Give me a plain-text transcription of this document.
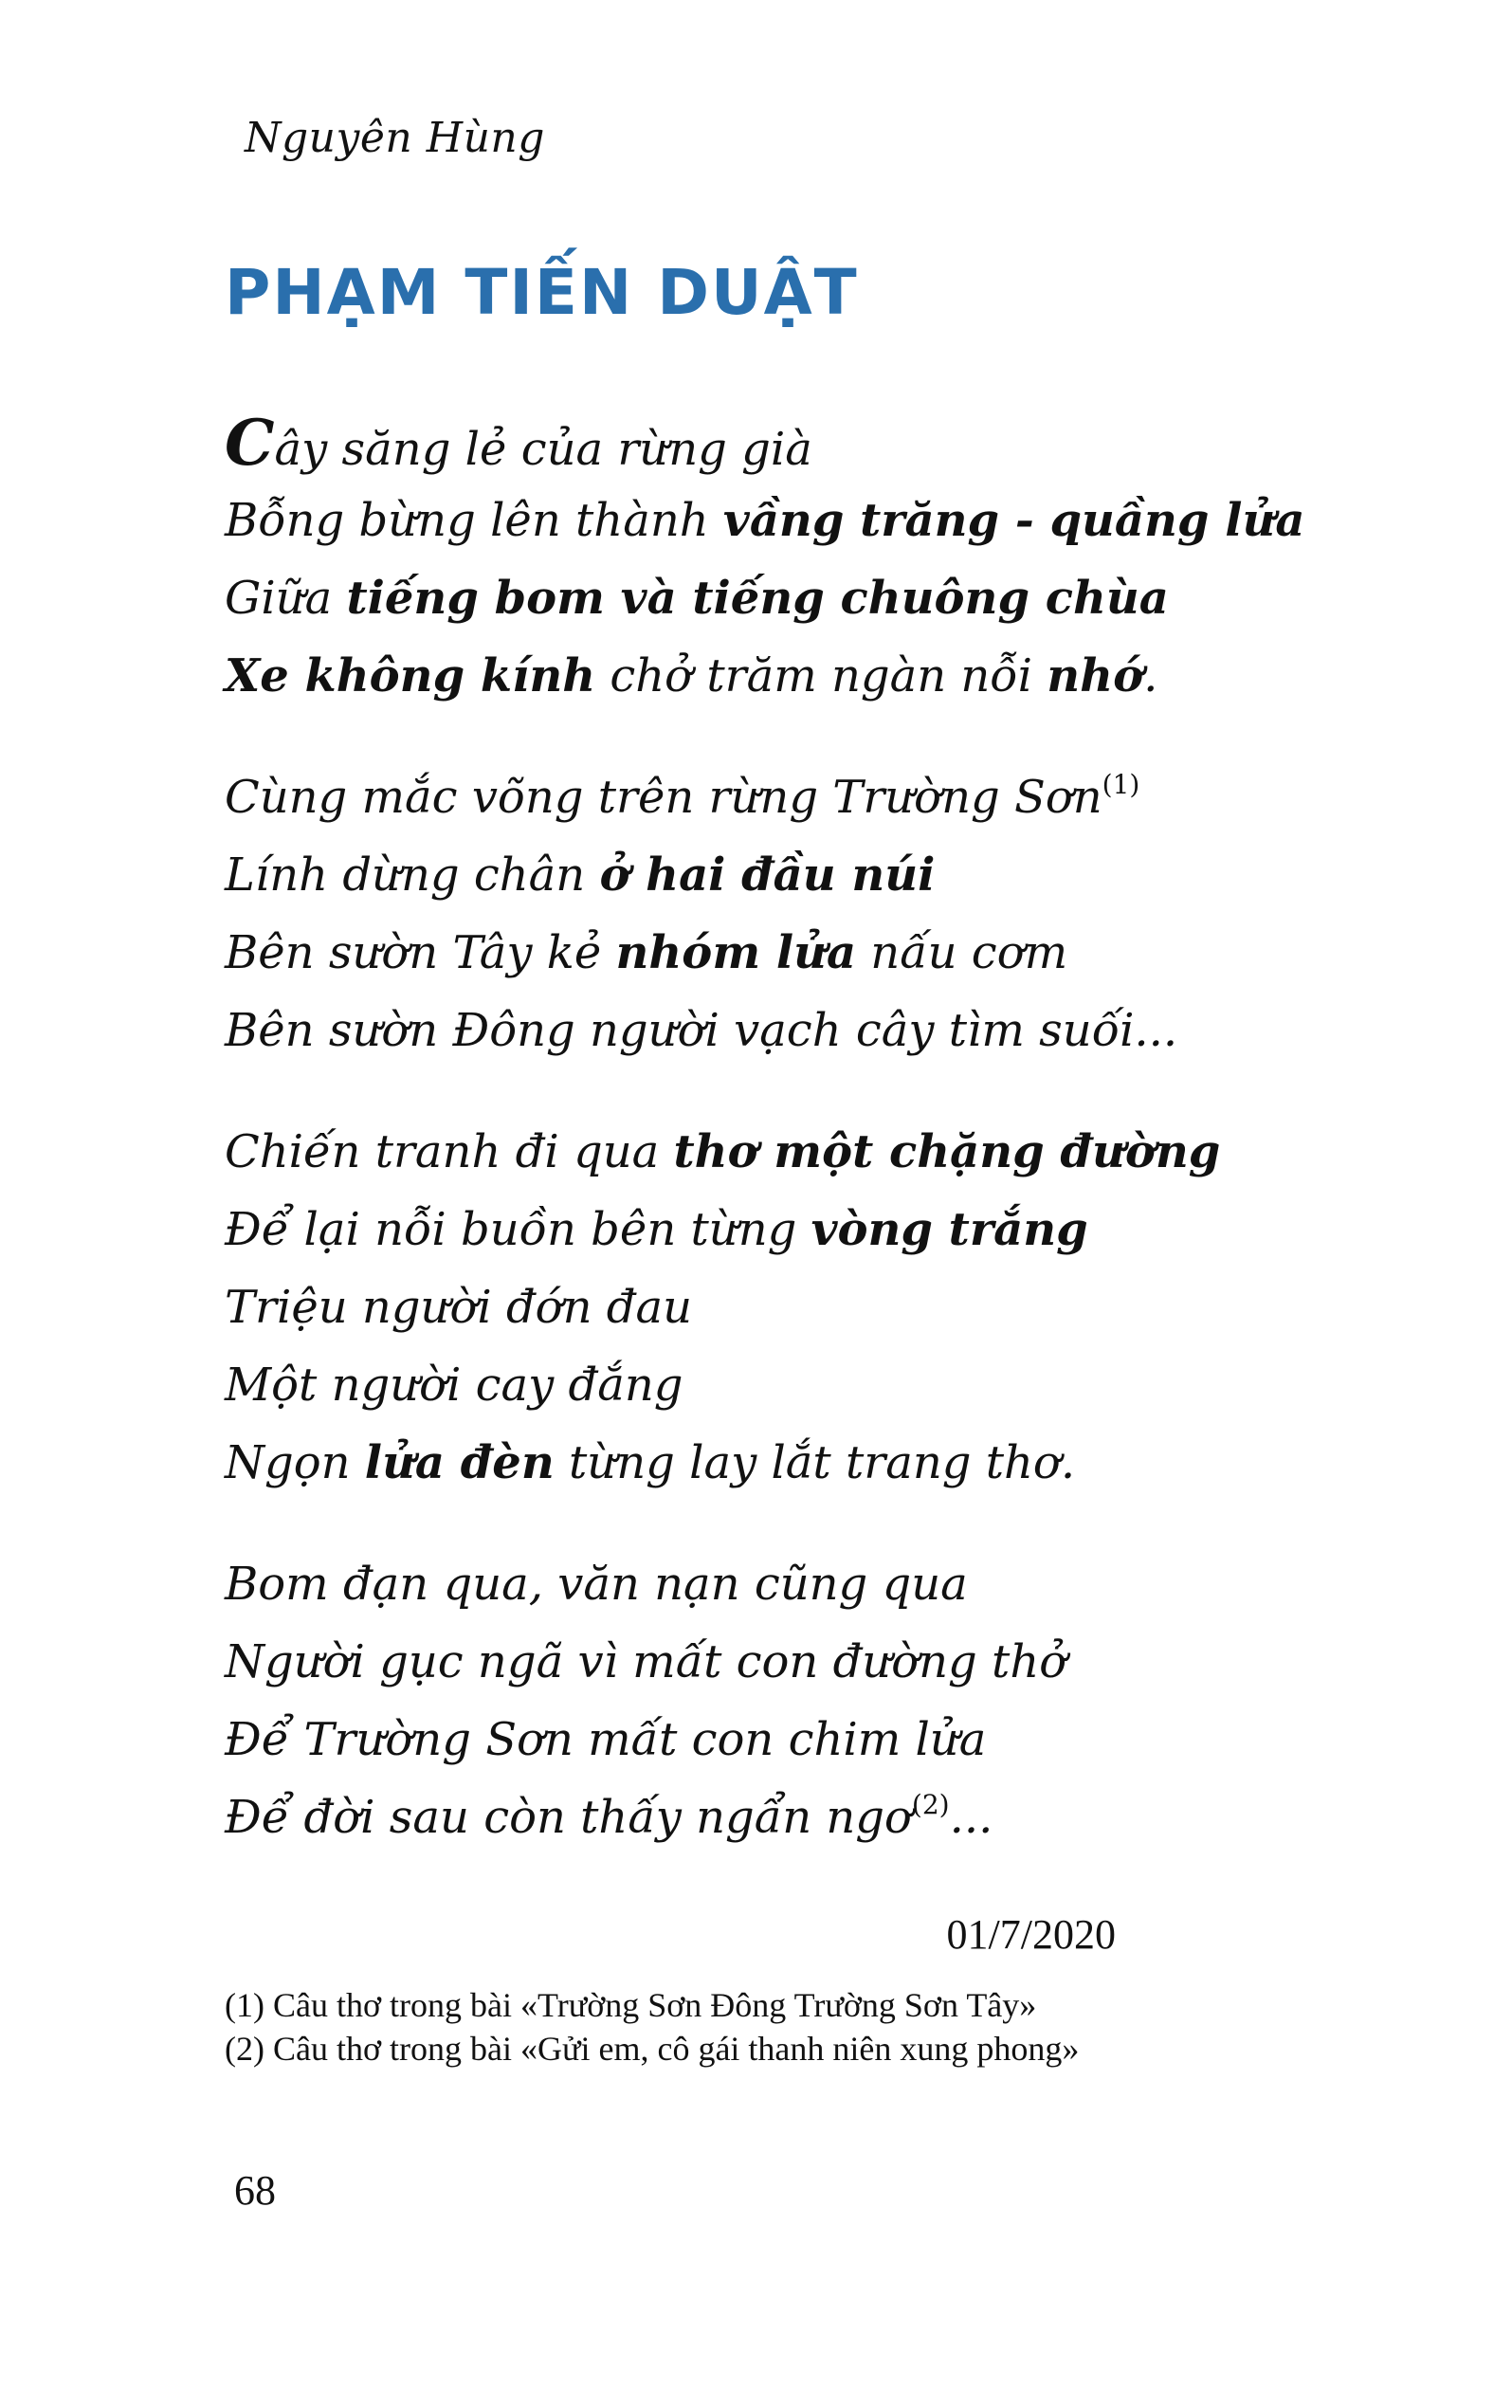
Nguyên Hùng
PHẠM TIẾN DUẬT
Cây săng lẻ của rừng già
Bỗng bừng lên thành vầng trăng - quầng lửa
Giữa tiếng bom và tiếng chuông chùa
Xe không kính chở trăm ngàn nỗi nhớ.
Cùng mắc võng trên rừng Trường Sơn$^{(1)}$
Lính dừng chân ở hai đầu núi
Bên sườn Tây kẻ nhóm lửa nấu cơm
Bên sườn Đông người vạch cây tìm suối...
Chiến tranh đi qua thơ một chặng đường
Để lại nỗi buồn bên từng vòng trắng
Triệu người đớn đau
Một người cay đắng
Ngọn lửa đèn từng lay lắt trang thơ.
Bom đạn qua, văn nạn cũng qua
Người gục ngã vì mất con đường thở
Để Trường Sơn mất con chim lửa
Để đời sau còn thấy ngẩn ngơ$^{(2)}$...
01/7/2020
(1) Câu thơ trong bài «Trường Sơn Đông Trường Sơn Tây»
(2) Câu thơ trong bài «Gửi em, cô gái thanh niên xung phong»
68
